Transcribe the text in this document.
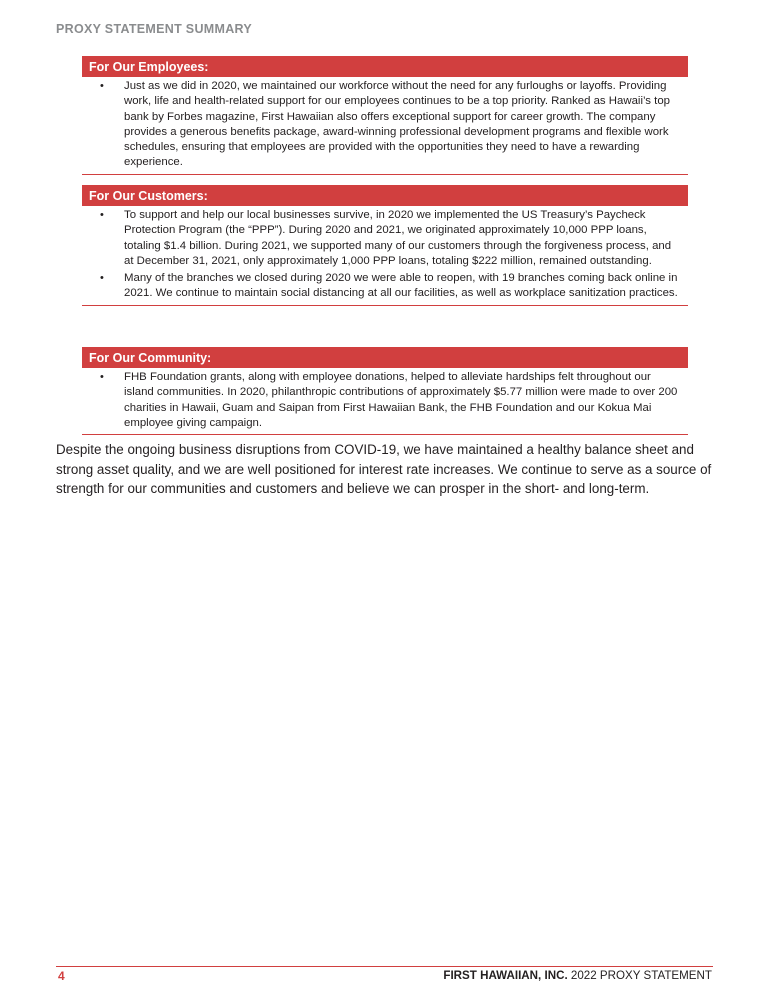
PROXY STATEMENT SUMMARY
For Our Employees:
• Just as we did in 2020, we maintained our workforce without the need for any furloughs or layoffs. Providing work, life and health-related support for our employees continues to be a top priority. Ranked as Hawaii’s top bank by Forbes magazine, First Hawaiian also offers exceptional support for career growth. The company provides a generous benefits package, award-winning professional development programs and flexible work schedules, ensuring that employees are provided with the opportunities they need to have a rewarding experience.
For Our Customers:
• To support and help our local businesses survive, in 2020 we implemented the US Treasury’s Paycheck Protection Program (the “PPP”). During 2020 and 2021, we originated approximately 10,000 PPP loans, totaling $1.4 billion. During 2021, we supported many of our customers through the forgiveness process, and at December 31, 2021, only approximately 1,000 PPP loans, totaling $222 million, remained outstanding.
• Many of the branches we closed during 2020 we were able to reopen, with 19 branches coming back online in 2021. We continue to maintain social distancing at all our facilities, as well as workplace sanitization practices.
For Our Community:
• FHB Foundation grants, along with employee donations, helped to alleviate hardships felt throughout our island communities. In 2020, philanthropic contributions of approximately $5.77 million were made to over 200 charities in Hawaii, Guam and Saipan from First Hawaiian Bank, the FHB Foundation and our Kokua Mai employee giving campaign.

Despite the ongoing business disruptions from COVID-19, we have maintained a healthy balance sheet and strong asset quality, and we are well positioned for interest rate increases. We continue to serve as a source of strength for our communities and customers and believe we can prosper in the short- and long-term.

4	FIRST HAWAIIAN, INC. 2022 PROXY STATEMENT
